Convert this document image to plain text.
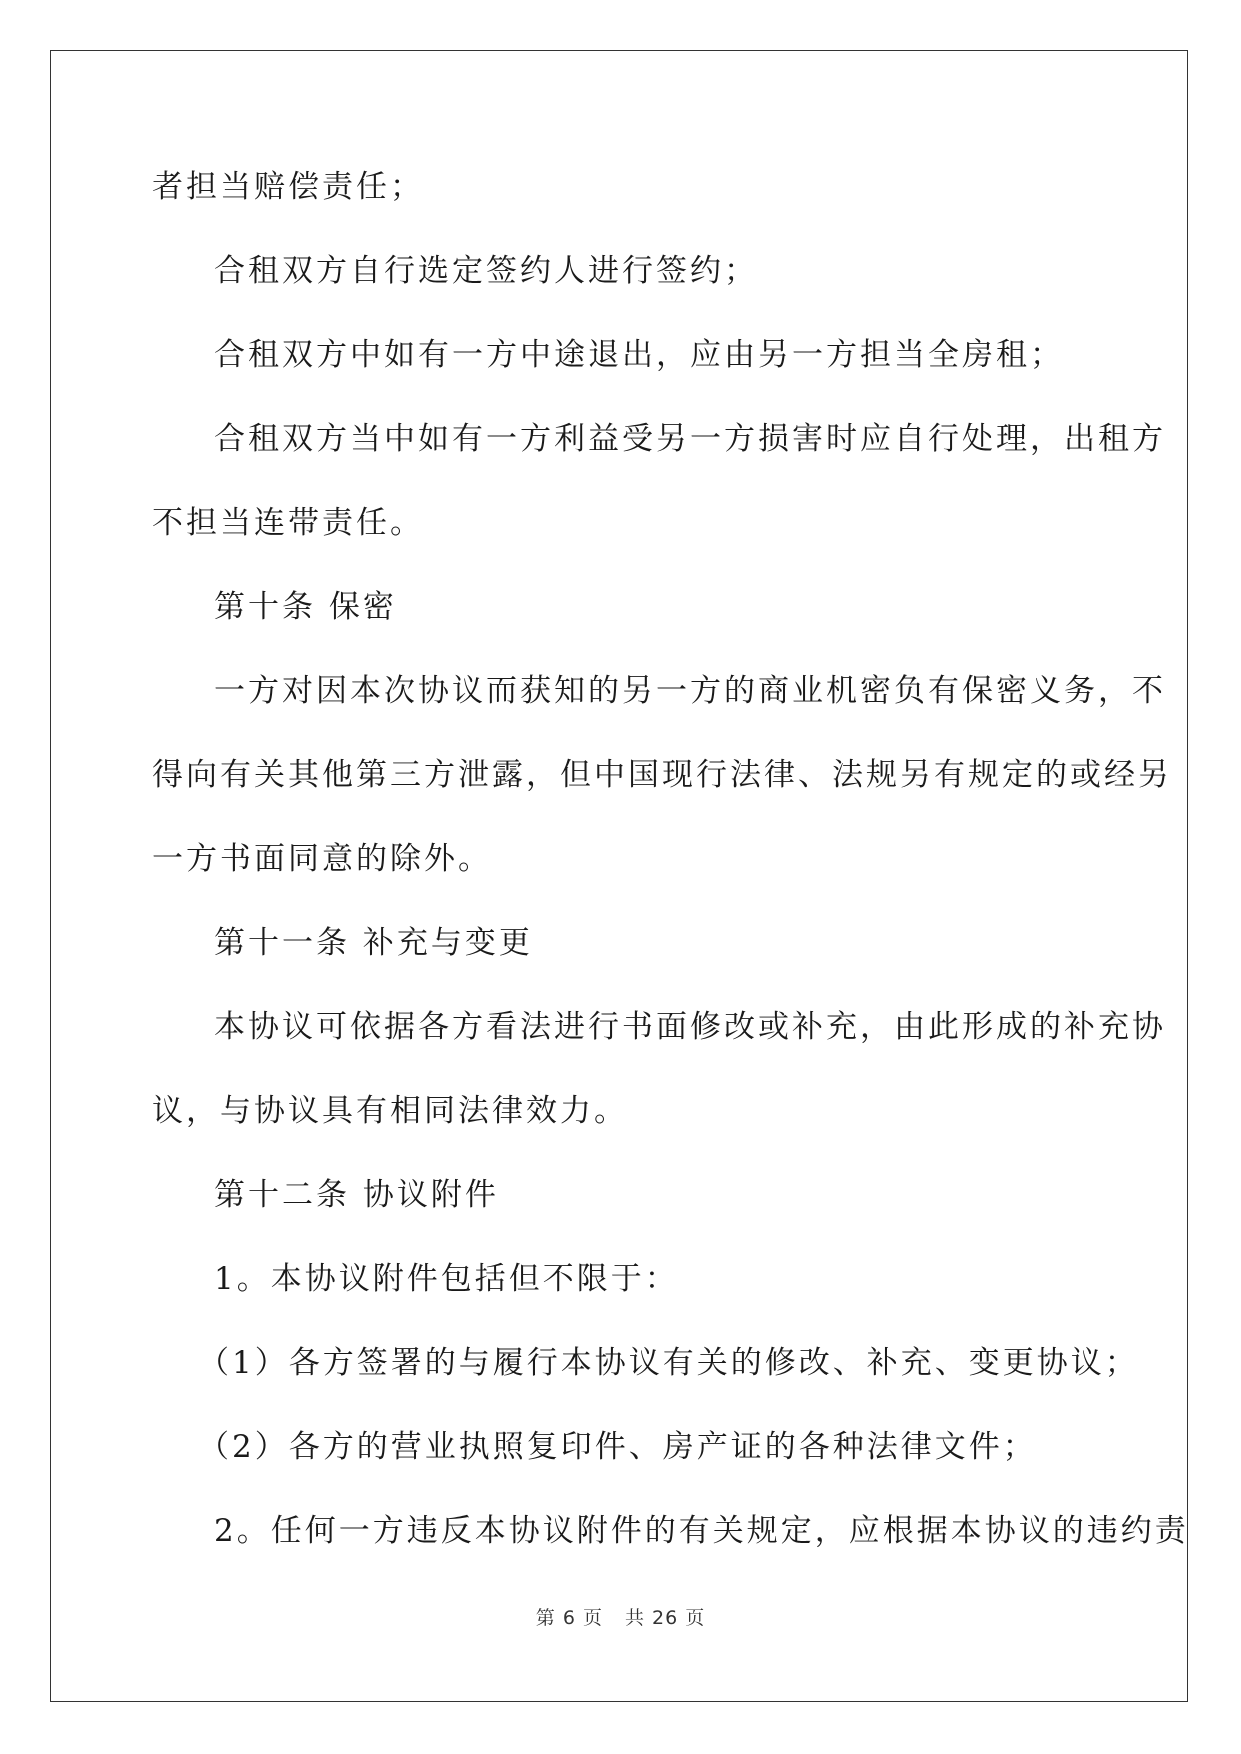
者担当赔偿责任；
合租双方自行选定签约人进行签约；
合租双方中如有一方中途退出，应由另一方担当全房租；
合租双方当中如有一方利益受另一方损害时应自行处理，出租方
不担当连带责任。
第十条 保密
一方对因本次协议而获知的另一方的商业机密负有保密义务，不
得向有关其他第三方泄露，但中国现行法律、法规另有规定的或经另
一方书面同意的除外。
第十一条 补充与变更
本协议可依据各方看法进行书面修改或补充，由此形成的补充协
议，与协议具有相同法律效力。
第十二条 协议附件
1。本协议附件包括但不限于：
（1）各方签署的与履行本协议有关的修改、补充、变更协议；
（2）各方的营业执照复印件、房产证的各种法律文件；
2。任何一方违反本协议附件的有关规定，应根据本协议的违约责
第 6 页 共 26 页
